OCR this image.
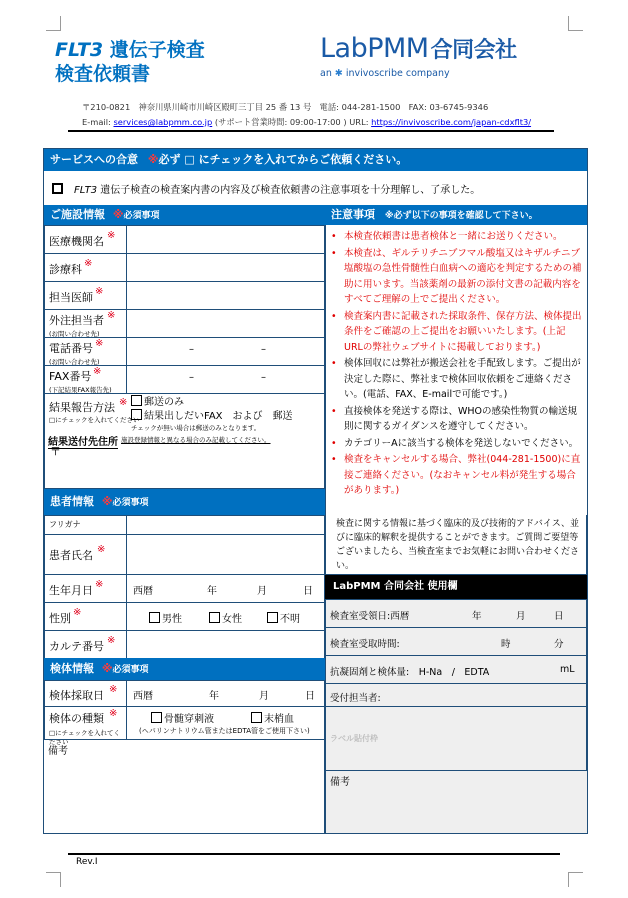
FLT3 遺伝子検査
検査依頼書
LabPMM合同会社
an ✱ invivoscribe company
〒210-0821　神奈川県川崎市川崎区殿町三丁目 25 番 13 号　電話: 044-281-1500　FAX: 03-6745-9346
E-mail: services@labpmm.co.jp (サポート営業時間: 09:00-17:00 ) URL: https://invivoscribe.com/japan-cdxflt3/
サービスへの合意 ※必ず □ にチェックを入れてからご依頼ください。
FLT3 遺伝子検査の検査案内書の内容及び検査依頼書の注意事項を十分理解し、了承した。
ご施設情報 ※必須事項	注意事項 ※必ず以下の事項を確認して下さい。
医療機関名 ※
診療科 ※
担当医師 ※
外注担当者 ※
(お問い合わせ先)
電話番号 ※
(お問い合わせ先)
–	–
FAX番号 ※
(下記結果FAX報告先)
–	–
結果報告方法 ※
□にチェックを入れてください
郵送のみ
結果出しだいFAX　および　郵送
チェックが無い場合は郵送のみとなります。
結果送付先住所 施設登録情報と異なる場合のみ記載してください。
〒
• 本検査依頼書は患者検体と一緒にお送りください。
• 本検査は、ギルテリチニブフマル酸塩又はキザルチニブ塩酸塩の急性骨髄性白血病への適応を判定するための補助に用います。当該薬剤の最新の添付文書の記載内容をすべてご理解の上でご提出ください。
• 検査案内書に記載された採取条件、保存方法、検体提出条件をご確認の上ご提出をお願いいたします。(上記URLの弊社ウェブサイトに掲載しております。)
• 検体回収には弊社が搬送会社を手配致します。ご提出が決定した際に、弊社まで検体回収依頼をご連絡ください。(電話、FAX、E-mailで可能です。)
• 直接検体を発送する際は、WHOの感染性物質の輸送規則に関するガイダンスを遵守してください。
• カテゴリーAに該当する検体を発送しないでください。
• 検査をキャンセルする場合、弊社(044-281-1500)に直接ご連絡ください。(なおキャンセル料が発生する場合があります。)
患者情報 ※必須事項
検査に関する情報に基づく臨床的及び技術的アドバイス、並びに臨床的解釈を提供することができます。ご質問ご要望等ございましたら、当検査室までお気軽にお問い合わせください。
フリガナ
患者氏名 ※
生年月日 ※
西暦	年	月	日
性別 ※
男性	女性	不明
カルテ番号 ※
検体情報 ※必須事項
検体採取日 ※
西暦	年	月	日
検体の種類 ※
□にチェックを入れてください
骨髄穿刺液	末梢血
(ヘパリンナトリウム管またはEDTA管をご使用下さい)
備考
LabPMM 合同会社 使用欄
検査室受領日:西暦	年	月	日
検査室受取時間:	時	分
抗凝固剤と検体量:　H-Na　/　EDTA	mL
受付担当者:
ラベル貼付枠
備考
Rev.I
